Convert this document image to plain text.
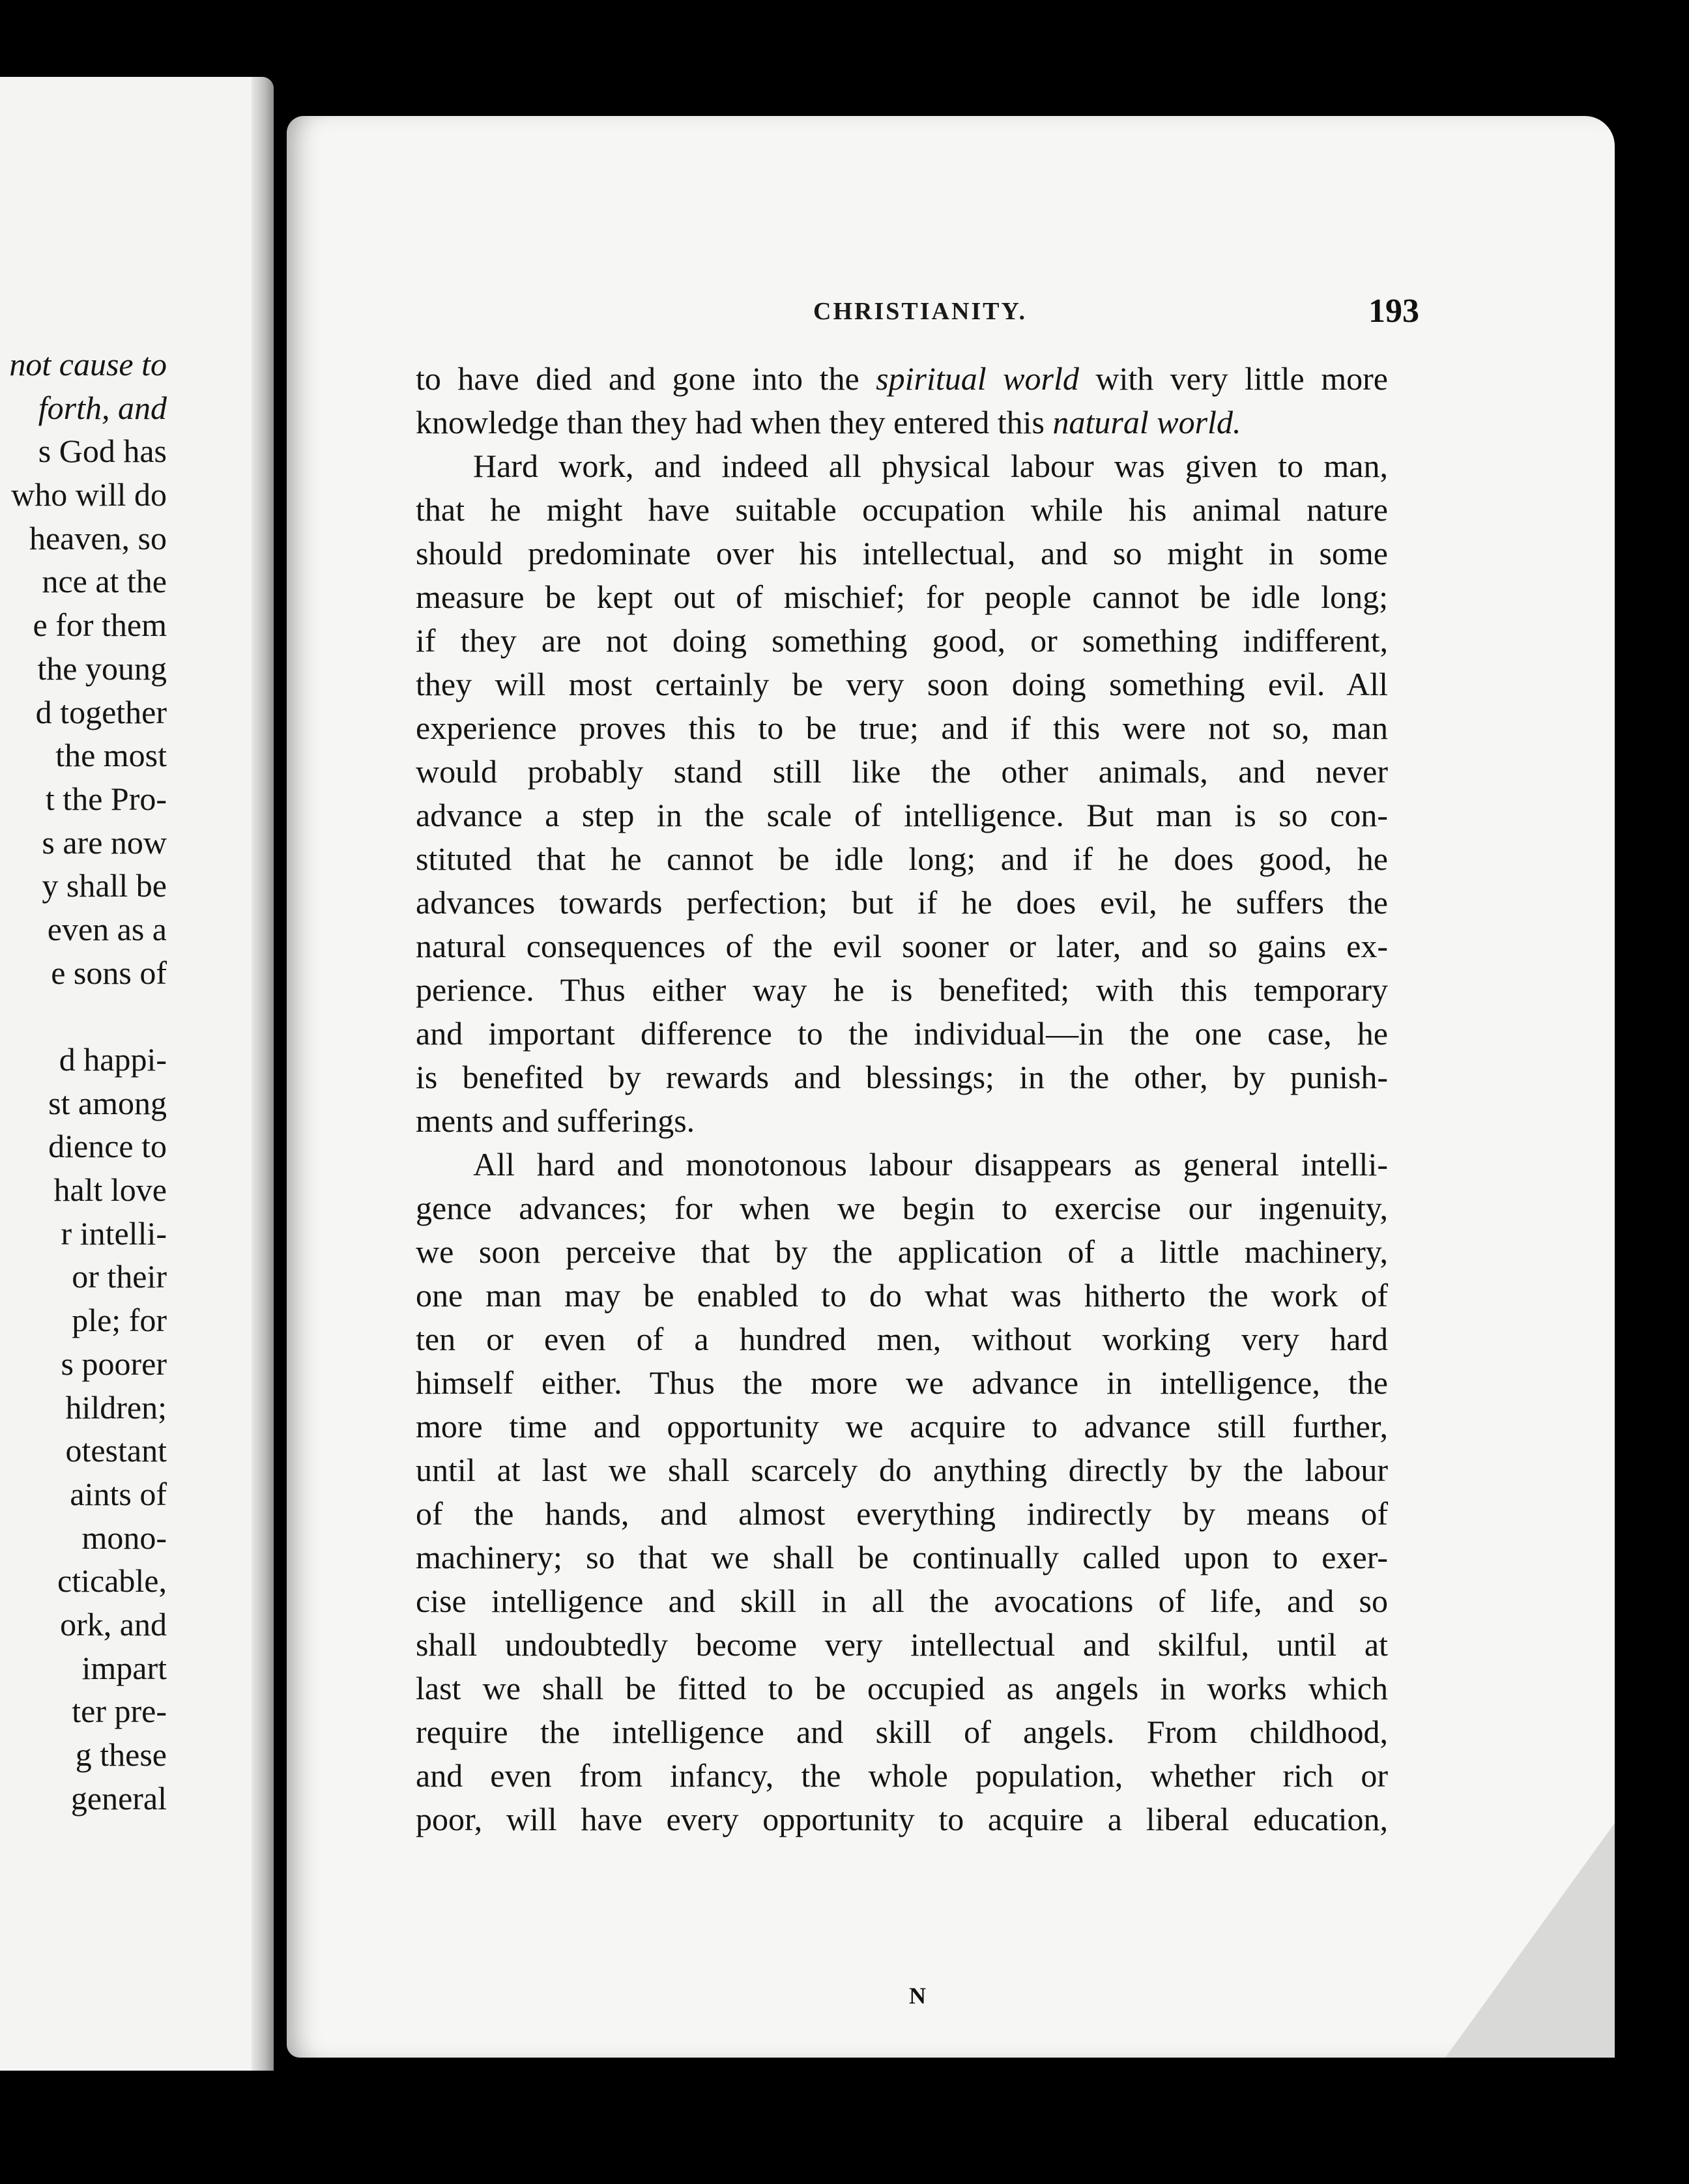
not cause to
forth, and
s God has
who will do
heaven, so
nce at the
e for them
the young
d together
the most
t the Pro-
s are now
y shall be
even as a
e sons of
d happi-
st among
dience to
halt love
r intelli-
or their
ple; for
s poorer
hildren;
otestant
aints of
mono-
cticable,
ork, and
impart
ter pre-
g these
general
CHRISTIANITY.	193
to have died and gone into the spiritual world with very little more
knowledge than they had when they entered this natural world.
Hard work, and indeed all physical labour was given to man,
that he might have suitable occupation while his animal nature
should predominate over his intellectual, and so might in some
measure be kept out of mischief; for people cannot be idle long;
if they are not doing something good, or something indifferent,
they will most certainly be very soon doing something evil. All
experience proves this to be true; and if this were not so, man
would probably stand still like the other animals, and never
advance a step in the scale of intelligence. But man is so con-
stituted that he cannot be idle long; and if he does good, he
advances towards perfection; but if he does evil, he suffers the
natural consequences of the evil sooner or later, and so gains ex-
perience. Thus either way he is benefited; with this temporary
and important difference to the individual—in the one case, he
is benefited by rewards and blessings; in the other, by punish-
ments and sufferings.
All hard and monotonous labour disappears as general intelli-
gence advances; for when we begin to exercise our ingenuity,
we soon perceive that by the application of a little machinery,
one man may be enabled to do what was hitherto the work of
ten or even of a hundred men, without working very hard
himself either. Thus the more we advance in intelligence, the
more time and opportunity we acquire to advance still further,
until at last we shall scarcely do anything directly by the labour
of the hands, and almost everything indirectly by means of
machinery; so that we shall be continually called upon to exer-
cise intelligence and skill in all the avocations of life, and so
shall undoubtedly become very intellectual and skilful, until at
last we shall be fitted to be occupied as angels in works which
require the intelligence and skill of angels. From childhood,
and even from infancy, the whole population, whether rich or
poor, will have every opportunity to acquire a liberal education,
N
